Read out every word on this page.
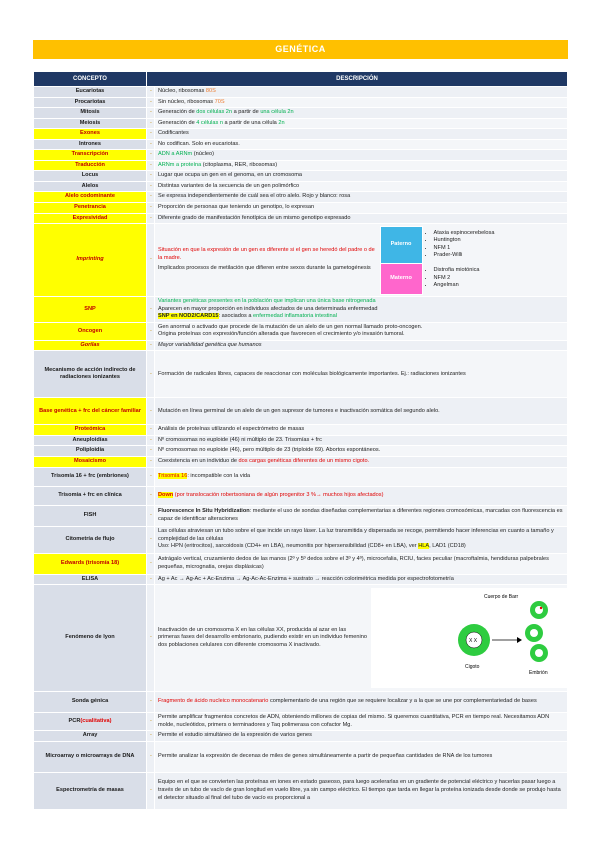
GENÉTICA
CONCEPTO	DESCRIPCIÓN
Eucariotas	-	Núcleo, ribosomas 80S
Procariotas	-	Sin núcleo, ribosomas 70S
Mitosis	-	Generación de dos células 2n a partir de una célula 2n
Meiosis	-	Generación de 4 células n a partir de una célula 2n
Exones	-	Codificantes
Intrones	-	No codifican. Solo en eucariotas.
Transcripción	-	ADN a ARNm (núcleo)
Traducción	-	ARNm a proteína (citoplasma, RER, ribosomas)
Locus	-	Lugar que ocupa un gen en el genoma, en un cromosoma
Alelos	-	Distintas variantes de la secuencia de un gen polimórfico
Alelo codominante	-	Se expresa independientemente de cuál sea el otro alelo. Rojo y blanco: rosa
Penetrancia	-	Proporción de personas que teniendo un genotipo, lo expresan
Expresividad	-	Diferente grado de manifestación fenotípica de un mismo genotipo expresado
Imprinting	-	
Situación en que la expresión de un gen es diferente si el gen se heredó del padre o de la madre.
Implicados procesos de metilación que difieren entre sexos durante la gametogénesis
	Paterno	
• Ataxia espinocerebelosa
• Huntington
• NFM 1
• Prader-Willi

Materno	
• Distrofia miotónica
• NFM 2
• Angelman

SNP	-	
Variantes genéticas presentes en la población que implican una única base nitrogenada
Aparecen en mayor proporción en individuos afectados de una determinada enfermedad
SNP en NOD2/CARD15: asociados a enfermedad inflamatoria intestinal

Oncogen	-	
Gen anormal o activado que procede de la mutación de un alelo de un gen normal llamado proto-oncogen.
Origina proteínas con expresión/función alterada que favorecen el crecimiento y/o invasión tumoral.

Gorilas	-	Mayor variabilidad genética que humanos
Mecanismo de acción indirecto de radiaciones ionizantes	-	Formación de radicales libres, capaces de reaccionar con moléculas biológicamente importantes. Ej.: radiaciones ionizantes
Base genética + frc del cáncer familiar	-	Mutación en línea germinal de un alelo de un gen supresor de tumores e inactivación somática del segundo alelo.
Proteómica	-	Análisis de proteínas utilizando el espectrómetro de masas
Aneuploidías	-	Nº cromosomas no euploide (46) ni múltiplo de 23. Trisomías + frc
Poliploidía	-	Nº cromosomas no euploide (46), pero múltiplo de 23 (triploide 69). Abortos espontáneos.
Mosaicismo	-	Coexistencia en un individuo de dos cargas genéticas diferentes de un mismo cigoto.
Trisomía 16 + frc (embriones)	-	Trisomía 16: incompatible con la vida
Trisomía + frc en clínica	-	Down (por translocación robertsoniana de algún progenitor 3 %→ muchos hijos afectados)
FISH	-	Fluorescence In Situ Hybridization: mediante el uso de sondas diseñadas complementarias a diferentes regiones cromosómicas, marcadas con fluorescencia es capaz de identificar alteraciones
Citometría de flujo	-	
Las células atraviesan un tubo sobre el que incide un rayo láser. La luz transmitida y dispersada se recoge, permitiendo hacer inferencias en cuanto a tamaño y complejidad de las células
Uso: HPN (eritrocitos), sarcoidosis (CD4+ en LBA), neumonitis por hipersensibilidad (CD8+ en LBA), ver HLA, LAD1 (CD18)

Edwards (trisomía 18)	-	Astrágalo vertical, cruzamiento dedos de las manos (2º y 5º dedos sobre el 3º y 4º), microcefalia, RCIU, facies peculiar (macroftalmia, hendiduras palpebrales pequeñas, micrognatia, orejas displásicas)
ELISA	-	Ag + Ac → Ag-Ac + Ac-Enzima → Ag-Ac-Ac-Enzima + sustrato → reacción colorimétrica medida por espectrofotometría
Fenómeno de lyon	-	
Inactivación de un cromosoma X en las células XX, producida al azar en las primeras fases del desarrollo embrionario, pudiendo existir en un individuo femenino dos poblaciones celulares con diferente cromosoma X inactivado.
Cuerpo de Barr
X X
Cigoto
Embrión

Sonda génica	-	Fragmento de ácido nucleico monocatenario complementario de una región que se requiere localizar y a la que se une por complementariedad de bases
PCR(cualitativa)	-	Permite amplificar fragmentos concretos de ADN, obteniendo millones de copias del mismo. Si queremos cuantitativa, PCR en tiempo real. Necesitamos ADN molde, nucleótidos, primers o terminadores y Taq polimerasa con cofactor Mg.
Array	-	Permite el estudio simultáneo de la expresión de varios genes
Microarray o microarrays de DNA	-	Permite analizar la expresión de decenas de miles de genes simultáneamente a partir de pequeñas cantidades de RNA de los tumores
Espectrometría de masas	-	Equipo en el que se convierten las proteínas en iones en estado gaseoso, para luego acelerarlas en un gradiente de potencial eléctrico y hacerlas pasar luego a través de un tubo de vacío de gran longitud en vuelo libre, ya sin campo eléctrico. El tiempo que tarda en llegar la proteína ionizada desde donde se produjo hasta el detector situado al final del tubo de vacío es proporcional a
